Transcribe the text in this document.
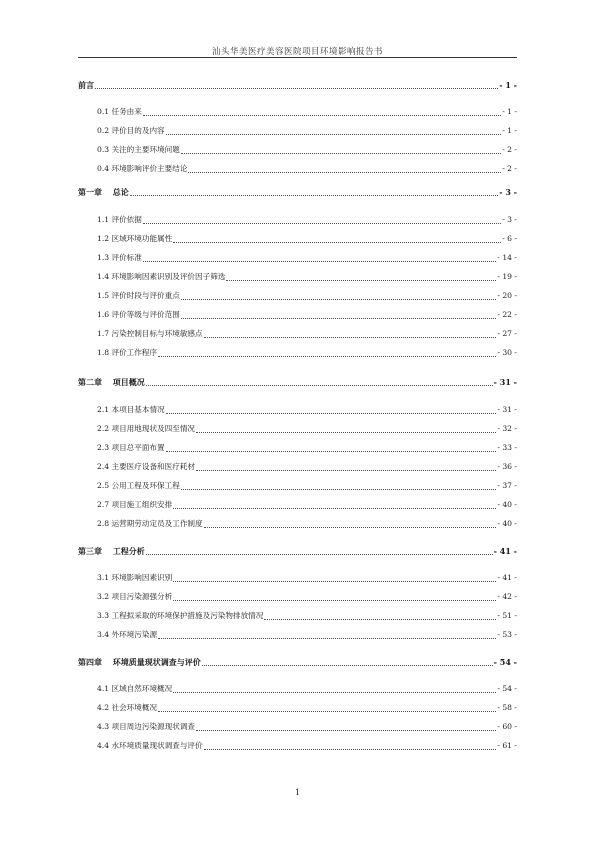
汕头华美医疗美容医院项目环境影响报告书
前言	- 1 -
0.1 任务由来	- 1 -
0.2 评价目的及内容	- 1 -
0.3 关注的主要环境问题	- 2 -
0.4 环境影响评价主要结论	- 2 -
第一章　 总论	- 3 -
1.1 评价依据	- 3 -
1.2 区域环境功能属性	- 6 -
1.3 评价标准	- 14 -
1.4 环境影响因素识别及评价因子筛选	- 19 -
1.5 评价时段与评价重点	- 20 -
1.6 评价等级与评价范围	- 22 -
1.7 污染控制目标与环境敏感点	- 27 -
1.8 评价工作程序	- 30 -
第二章　 项目概况	- 31 -
2.1 本项目基本情况	- 31 -
2.2 项目用地现状及四至情况	- 32 -
2.3 项目总平面布置	- 33 -
2.4 主要医疗设备和医疗耗材	- 36 -
2.5 公用工程及环保工程	- 37 -
2.7 项目施工组织安排	- 40 -
2.8 运营期劳动定员及工作制度	- 40 -
第三章　 工程分析	- 41 -
3.1 环境影响因素识别	- 41 -
3.2 项目污染源强分析	- 42 -
3.3 工程拟采取的环境保护措施及污染物排放情况	- 51 -
3.4 外环境污染源	- 53 -
第四章　 环境质量现状调查与评价	- 54 -
4.1 区域自然环境概况	- 54 -
4.2 社会环境概况	- 58 -
4.3 项目周边污染源现状调查	- 60 -
4.4 水环境质量现状调查与评价	- 61 -
1
